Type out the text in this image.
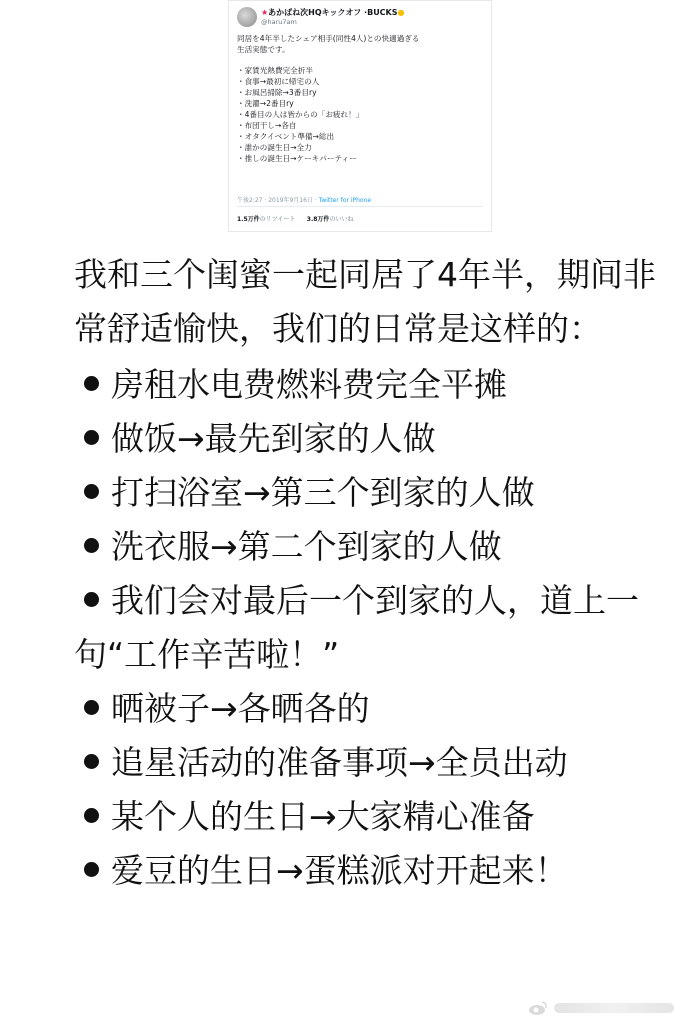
★あかばね次HQキックオフ ·BUCKS●
@haru7am
同居を4年半したシェア相手(同性4人)との快適過ぎる
生活実態です。
・家賃光熱費完全折半
・食事→最初に帰宅の人
・お風呂掃除→3番目ry
・洗濯→2番目ry
・4番目の人は皆からの「お疲れ！」
・布団干し→各自
・オタクイベント準備→総出
・誰かの誕生日→全力
・推しの誕生日→ケーキパーティー
午後2:27 · 2019年9月16日 · Twitter for iPhone
1.5万件のリツイート 3.8万件のいいね

我和三个闺蜜一起同居了4年半，期间非常舒适愉快，我们的日常是这样的：

房租水电费燃料费完全平摊

做饭→最先到家的人做

打扫浴室→第三个到家的人做

洗衣服→第二个到家的人做

我们会对最后一个到家的人，道上一句“工作辛苦啦！”

晒被子→各晒各的

追星活动的准备事项→全员出动

某个人的生日→大家精心准备

爱豆的生日→蛋糕派对开起来！
